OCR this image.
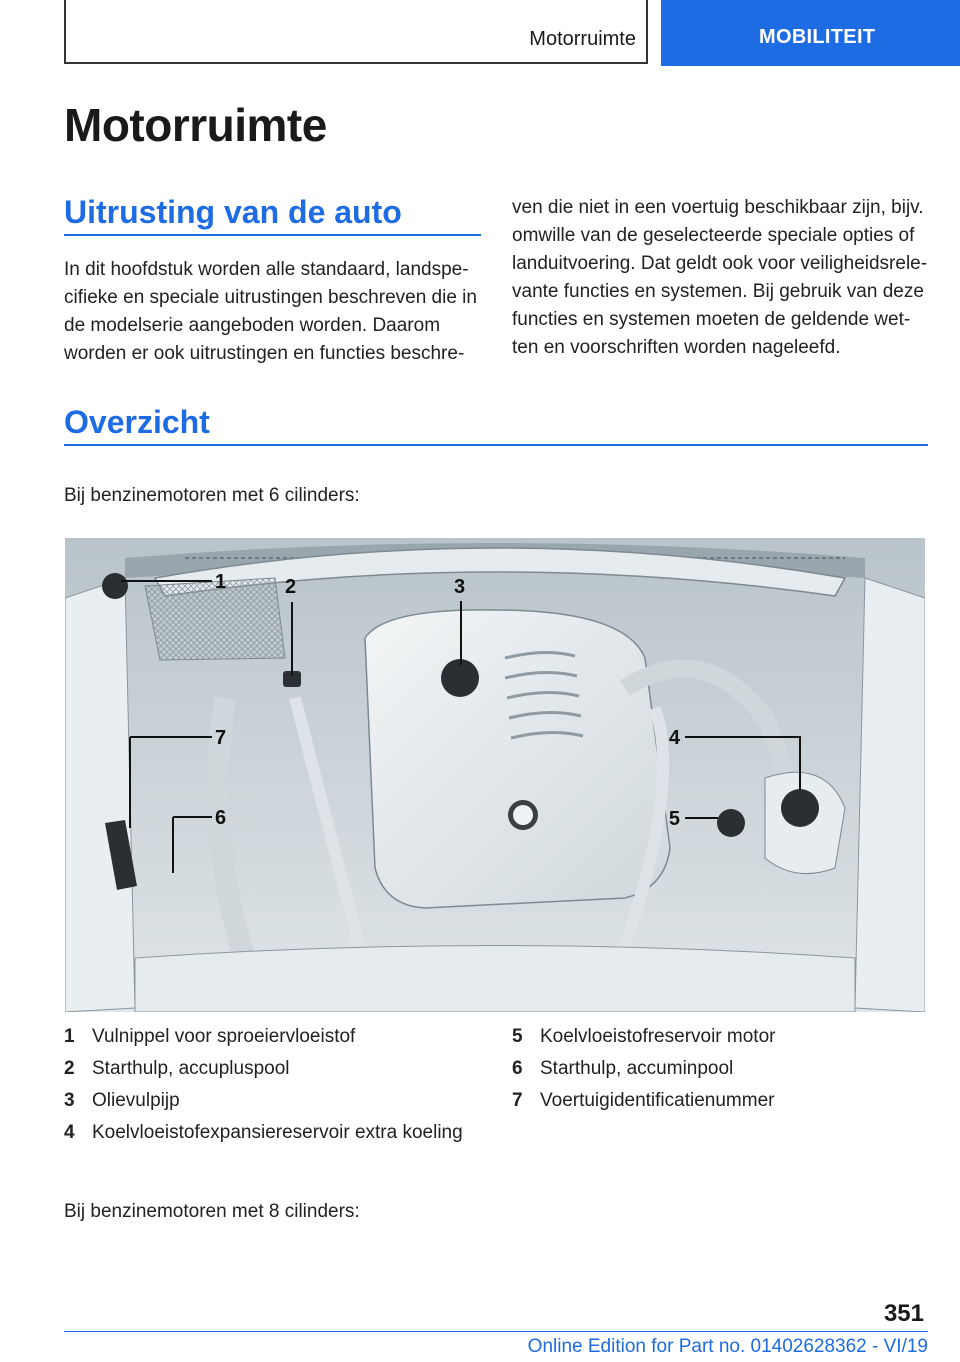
Motorruimte	MOBILITEIT
Motorruimte
Uitrusting van de auto
In dit hoofdstuk worden alle standaard, landspe-
cifieke en speciale uitrustingen beschreven die in
de modelserie aangeboden worden. Daarom
worden er ook uitrustingen en functies beschre-
ven die niet in een voertuig beschikbaar zijn, bijv.
omwille van de geselecteerde speciale opties of
landuitvoering. Dat geldt ook voor veiligheidsrele-
vante functies en systemen. Bij gebruik van deze
functies en systemen moeten de geldende wet-
ten en voorschriften worden nageleefd.
Overzicht
Bij benzinemotoren met 6 cilinders:
1	2	3
4
5
6
7
1 Vulnippel voor sproeiervloeistof
2 Starthulp, accupluspool
3 Olievulpijp
4 Koelvloeistofexpansiereservoir extra koeling
5 Koelvloeistofreservoir motor
6 Starthulp, accuminpool
7 Voertuigidentificatienummer
Bij benzinemotoren met 8 cilinders:
351
Online Edition for Part no. 01402628362 - VI/19
